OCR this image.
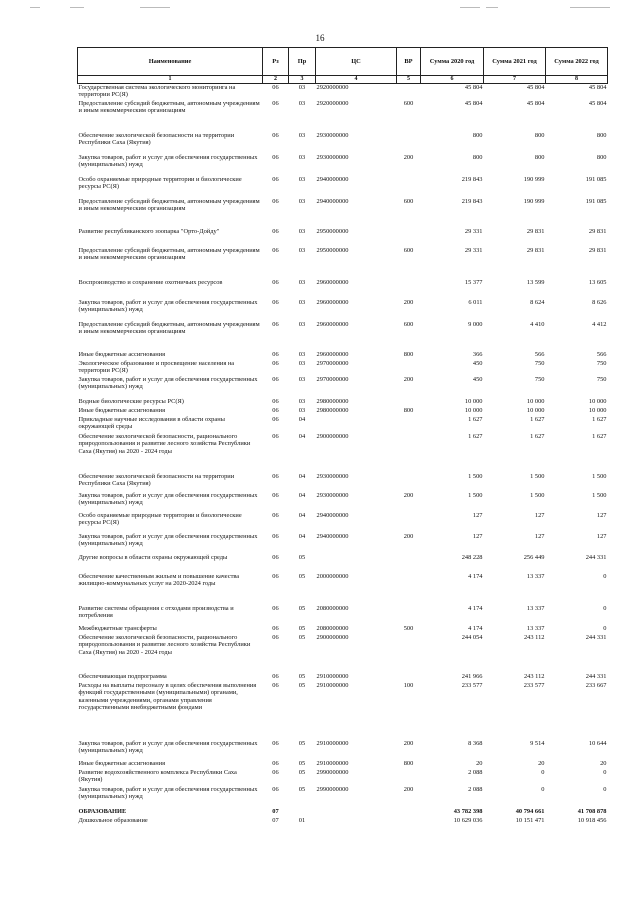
16
Наименование	Рз	Пр	ЦС	ВР	Сумма 2020 год	Сумма 2021 год	Сумма 2022 год
1	2	3	4	5	6	7	8
Государственная система экологического мониторинга на территории РС(Я)	06	03	2920000000		45 804	45 804	45 804
Предоставление субсидий бюджетным, автономным учреждениям и иным некоммерческим организациям	06	03	2920000000	600	45 804	45 804	45 804
Обеспечение экологической безопасности на территории Республики Саха (Якутия)	06	03	2930000000		800	800	800
Закупка товаров, работ и услуг для обеспечения государственных (муниципальных) нужд	06	03	2930000000	200	800	800	800
Особо охраняемые природные территории и биологические ресурсы РС(Я)	06	03	2940000000		219 843	190 999	191 085
Предоставление субсидий бюджетным, автономным учреждениям и иным некоммерческим организациям	06	03	2940000000	600	219 843	190 999	191 085
Развитие республиканского зоопарка "Орто-Дойду"	06	03	2950000000		29 331	29 831	29 831
Предоставление субсидий бюджетным, автономным учреждениям и иным некоммерческим организациям	06	03	2950000000	600	29 331	29 831	29 831
Воспроизводство и сохранение охотничьих ресурсов	06	03	2960000000		15 377	13 599	13 605
Закупка товаров, работ и услуг для обеспечения государственных (муниципальных) нужд	06	03	2960000000	200	6 011	8 624	8 626
Предоставление субсидий бюджетным, автономным учреждениям и иным некоммерческим организациям	06	03	2960000000	600	9 000	4 410	4 412
Иные бюджетные ассигнования	06	03	2960000000	800	366	566	566
Экологическое образование и просвещение населения на территории РС(Я)	06	03	2970000000		450	750	750
Закупка товаров, работ и услуг для обеспечения государственных (муниципальных) нужд	06	03	2970000000	200	450	750	750
Водные биологические ресурсы РС(Я)	06	03	2980000000		10 000	10 000	10 000
Иные бюджетные ассигнования	06	03	2980000000	800	10 000	10 000	10 000
Прикладные научные исследования в области охраны окружающей среды	06	04			1 627	1 627	1 627
Обеспечение экологической безопасности, рационального природопользования и развитие лесного хозяйства Республики Саха (Якутия) на 2020 - 2024 годы	06	04	2900000000		1 627	1 627	1 627
Обеспечение экологической безопасности на территории Республики Саха (Якутия)	06	04	2930000000		1 500	1 500	1 500
Закупка товаров, работ и услуг для обеспечения государственных (муниципальных) нужд	06	04	2930000000	200	1 500	1 500	1 500
Особо охраняемые природные территории и биологические ресурсы РС(Я)	06	04	2940000000		127	127	127
Закупка товаров, работ и услуг для обеспечения государственных (муниципальных) нужд	06	04	2940000000	200	127	127	127
Другие вопросы в области охраны окружающей среды	06	05			248 228	256 449	244 331
Обеспечение качественным жильем и повышение качества жилищно-коммунальных услуг на 2020-2024 годы	06	05	2000000000		4 174	13 337	0
Развитие системы обращения с отходами производства и потребления	06	05	2080000000		4 174	13 337	0
Межбюджетные трансферты	06	05	2080000000	500	4 174	13 337	0
Обеспечение экологической безопасности, рационального природопользования и развитие лесного хозяйства Республики Саха (Якутия) на 2020 - 2024 годы	06	05	2900000000		244 054	243 112	244 331
Обеспечивающая подпрограмма	06	05	2910000000		241 966	243 112	244 331
Расходы на выплаты персоналу в целях обеспечения выполнения функций государственными (муниципальными) органами, казенными учреждениями, органами управления государственными внебюджетными фондами	06	05	2910000000	100	233 577	233 577	233 667
Закупка товаров, работ и услуг для обеспечения государственных (муниципальных) нужд	06	05	2910000000	200	8 368	9 514	10 644
Иные бюджетные ассигнования	06	05	2910000000	800	20	20	20
Развитие водохозяйственного комплекса Республики Саха (Якутия)	06	05	2990000000		2 088	0	0
Закупка товаров, работ и услуг для обеспечения государственных (муниципальных) нужд	06	05	2990000000	200	2 088	0	0
ОБРАЗОВАНИЕ	07				43 782 398	40 794 661	41 708 878
Дошкольное образование	07	01			10 629 036	10 151 471	10 918 456
